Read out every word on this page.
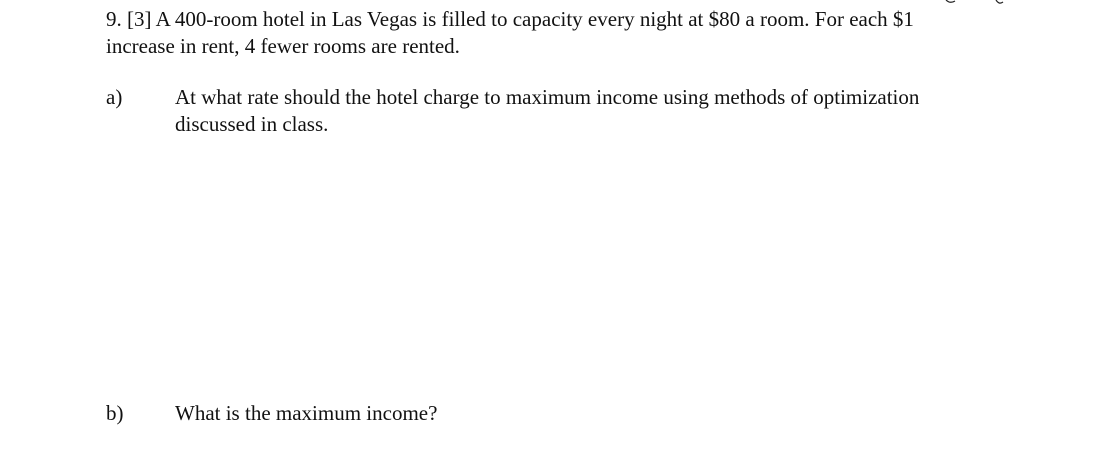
9. [3] A 400-room hotel in Las Vegas is filled to capacity every night at $80 a room. For each $1
increase in rent, 4 fewer rooms are rented.
a)	At what rate should the hotel charge to maximum income using methods of optimization
discussed in class.
b) What is the maximum income?
